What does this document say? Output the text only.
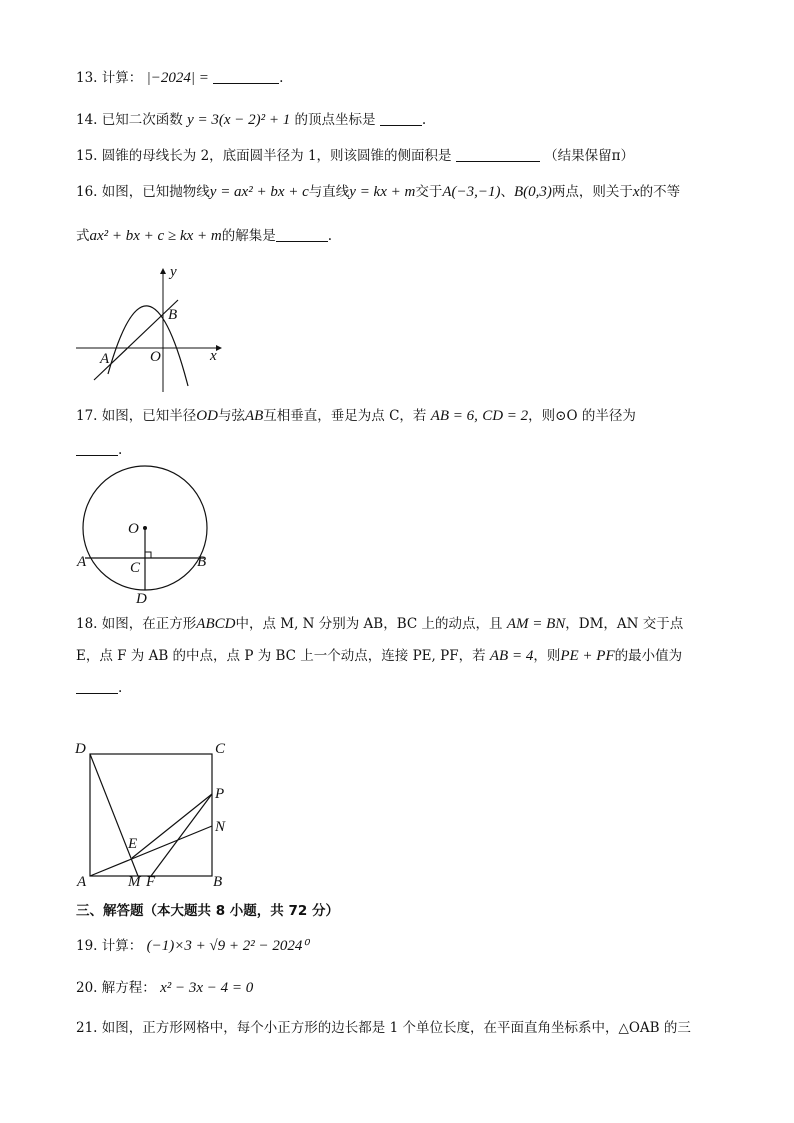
13. 计算： |−2024| =	.
14. 已知二次函数 y = 3(x − 2)² + 1 的顶点坐标是	.
15. 圆锥的母线长为 2，底面圆半径为 1，则该圆锥的侧面积是	（结果保留π）
16. 如图，已知抛物线y = ax² + bx + c与直线y = kx + m交于A(−3,−1)、B(0,3)两点，则关于x的不等
式ax² + bx + c ≥ kx + m的解集是	.
y
x
O
A
B
17. 如图，已知半径OD与弦AB互相垂直，垂足为点 C，若 AB = 6, CD = 2，则⊙O 的半径为
.
O
A	B
C
D
18. 如图，在正方形ABCD中，点 M, N 分别为 AB，BC 上的动点，且 AM = BN，DM，AN 交于点
E，点 F 为 AB 的中点，点 P 为 BC 上一个动点，连接 PE, PF，若 AB = 4，则PE + PF的最小值为
.
D	C
P
N
E
A	M F	B
三、解答题（本大题共 8 小题，共 72 分）
19. 计算： (−1)×3 + √9 + 2² − 2024⁰
20. 解方程： x² − 3x − 4 = 0
21. 如图，正方形网格中，每个小正方形的边长都是 1 个单位长度，在平面直角坐标系中，△OAB 的三
